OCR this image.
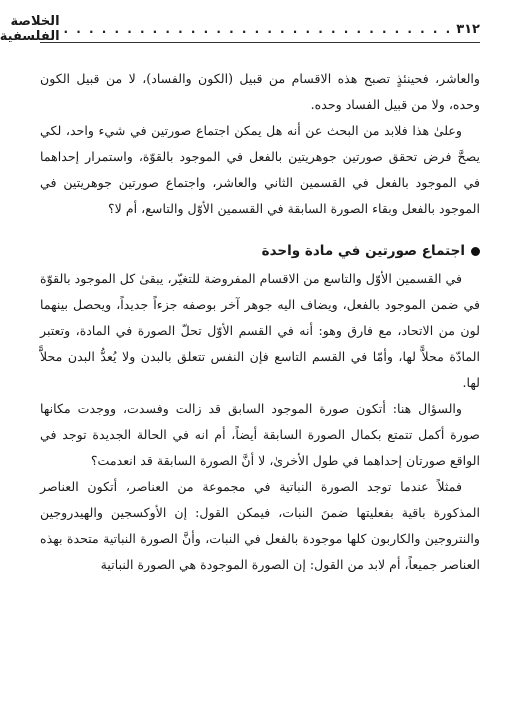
٣١٢
. . . . . . . . . . . . . . . . . . . . . . . . . . . . . . .
الخلاصة الفلسفية

والعاشر، فحينئذٍ تصبح هذه الاقسام من قبيل (الكون والفساد)، لا من قبيل الكون وحده، ولا من قبيل الفساد وحده.

وعلىٰ هذا فلابد من البحث عن أنه هل يمكن اجتماع صورتين في شيء واحد، لكي يصحَّ فرض تحقق صورتين جوهريتين بالفعل في الموجود بالقوّة، واستمرار إحداهما في الموجود بالفعل في القسمين الثاني والعاشر، واجتماع صورتين جوهريتين في الموجود بالفعل وبقاء الصورة السابقة في القسمين الأوّل والتاسع، أم لا؟

اجتماع صورتين في مادة واحدة

في القسمين الأوّل والتاسع من الاقسام المفروضة للتغيّر، يبقىٰ كل الموجود بالقوّة في ضمن الموجود بالفعل، ويضاف اليه جوهر آخر بوصفه جزءاً جديداً، ويحصل بينهما لون من الاتحاد، مع فارق وهو: أنه في القسم الأوّل تحلّ الصورة في المادة، وتعتبر المادّة محلاًّ لها، وأمّا في القسم التاسع فإن النفس تتعلق بالبدن ولا يُعدُّ البدن محلاًّ لها.

والسؤال هنا: أتكون صورة الموجود السابق قد زالت وفسدت، ووجدت مكانها صورة أكمل تتمتع بكمال الصورة السابقة أيضاً، أم انه في الحالة الجديدة توجد في الواقع صورتان إحداهما في طول الأخرىٰ، لا أنَّ الصورة السابقة قد انعدمت؟

فمثلاً عندما توجد الصورة النباتية في مجموعة من العناصر، أتكون العناصر المذكورة باقية بفعليتها ضمنَ النبات، فيمكن القول: إن الأوكسجين والهيدروجين والنتروجين والكاربون كلها موجودة بالفعل في النبات، وأنَّ الصورة النباتية متحدة بهذه العناصر جميعاً، أم لابد من القول: إن الصورة الموجودة هي الصورة النباتية
